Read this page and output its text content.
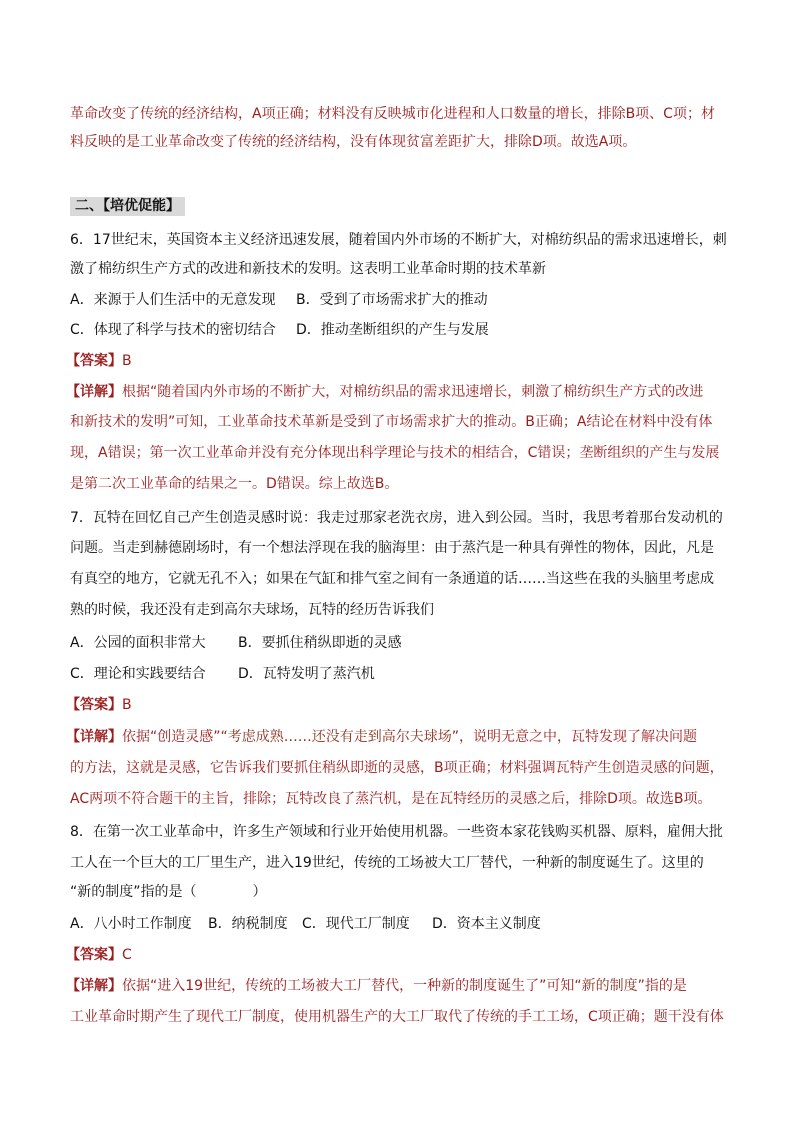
革命改变了传统的经济结构，A项正确；材料没有反映城市化进程和人口数量的增长，排除B项、C项；材
料反映的是工业革命改变了传统的经济结构，没有体现贫富差距扩大，排除D项。故选A项。
二、【培优促能】
6．17世纪末，英国资本主义经济迅速发展，随着国内外市场的不断扩大，对棉纺织品的需求迅速增长，刺
激了棉纺织生产方式的改进和新技术的发明。这表明工业革命时期的技术革新
A．来源于人们生活中的无意发现 B．受到了市场需求扩大的推动
C．体现了科学与技术的密切结合 D．推动垄断组织的产生与发展
【答案】B
【详解】根据“随着国内外市场的不断扩大，对棉纺织品的需求迅速增长，刺激了棉纺织生产方式的改进
和新技术的发明”可知，工业革命技术革新是受到了市场需求扩大的推动。B正确；A结论在材料中没有体
现，A错误；第一次工业革命并没有充分体现出科学理论与技术的相结合，C错误；垄断组织的产生与发展
是第二次工业革命的结果之一。D错误。综上故选B。
7．瓦特在回忆自己产生创造灵感时说：我走过那家老洗衣房，进入到公园。当时，我思考着那台发动机的
问题。当走到赫德剧场时，有一个想法浮现在我的脑海里：由于蒸汽是一种具有弹性的物体，因此，凡是
有真空的地方，它就无孔不入；如果在气缸和排气室之间有一条通道的话……当这些在我的头脑里考虑成
熟的时候，我还没有走到高尔夫球场，瓦特的经历告诉我们
A．公园的面积非常大 B．要抓住稍纵即逝的灵感
C．理论和实践要结合 D．瓦特发明了蒸汽机
【答案】B
【详解】依据“创造灵感”“考虑成熟……还没有走到高尔夫球场”，说明无意之中，瓦特发现了解决问题
的方法，这就是灵感，它告诉我们要抓住稍纵即逝的灵感，B项正确；材料强调瓦特产生创造灵感的问题，
AC两项不符合题干的主旨，排除；瓦特改良了蒸汽机，是在瓦特经历的灵感之后，排除D项。故选B项。
8．在第一次工业革命中，许多生产领域和行业开始使用机器。一些资本家花钱购买机器、原料，雇佣大批
工人在一个巨大的工厂里生产，进入19世纪，传统的工场被大工厂替代，一种新的制度诞生了。这里的
“新的制度”指的是（　　　　）
A．八小时工作制度 B．纳税制度 C．现代工厂制度 D．资本主义制度
【答案】C
【详解】依据“进入19世纪，传统的工场被大工厂替代，一种新的制度诞生了”可知“新的制度”指的是
工业革命时期产生了现代工厂制度，使用机器生产的大工厂取代了传统的手工工场，C项正确；题干没有体
